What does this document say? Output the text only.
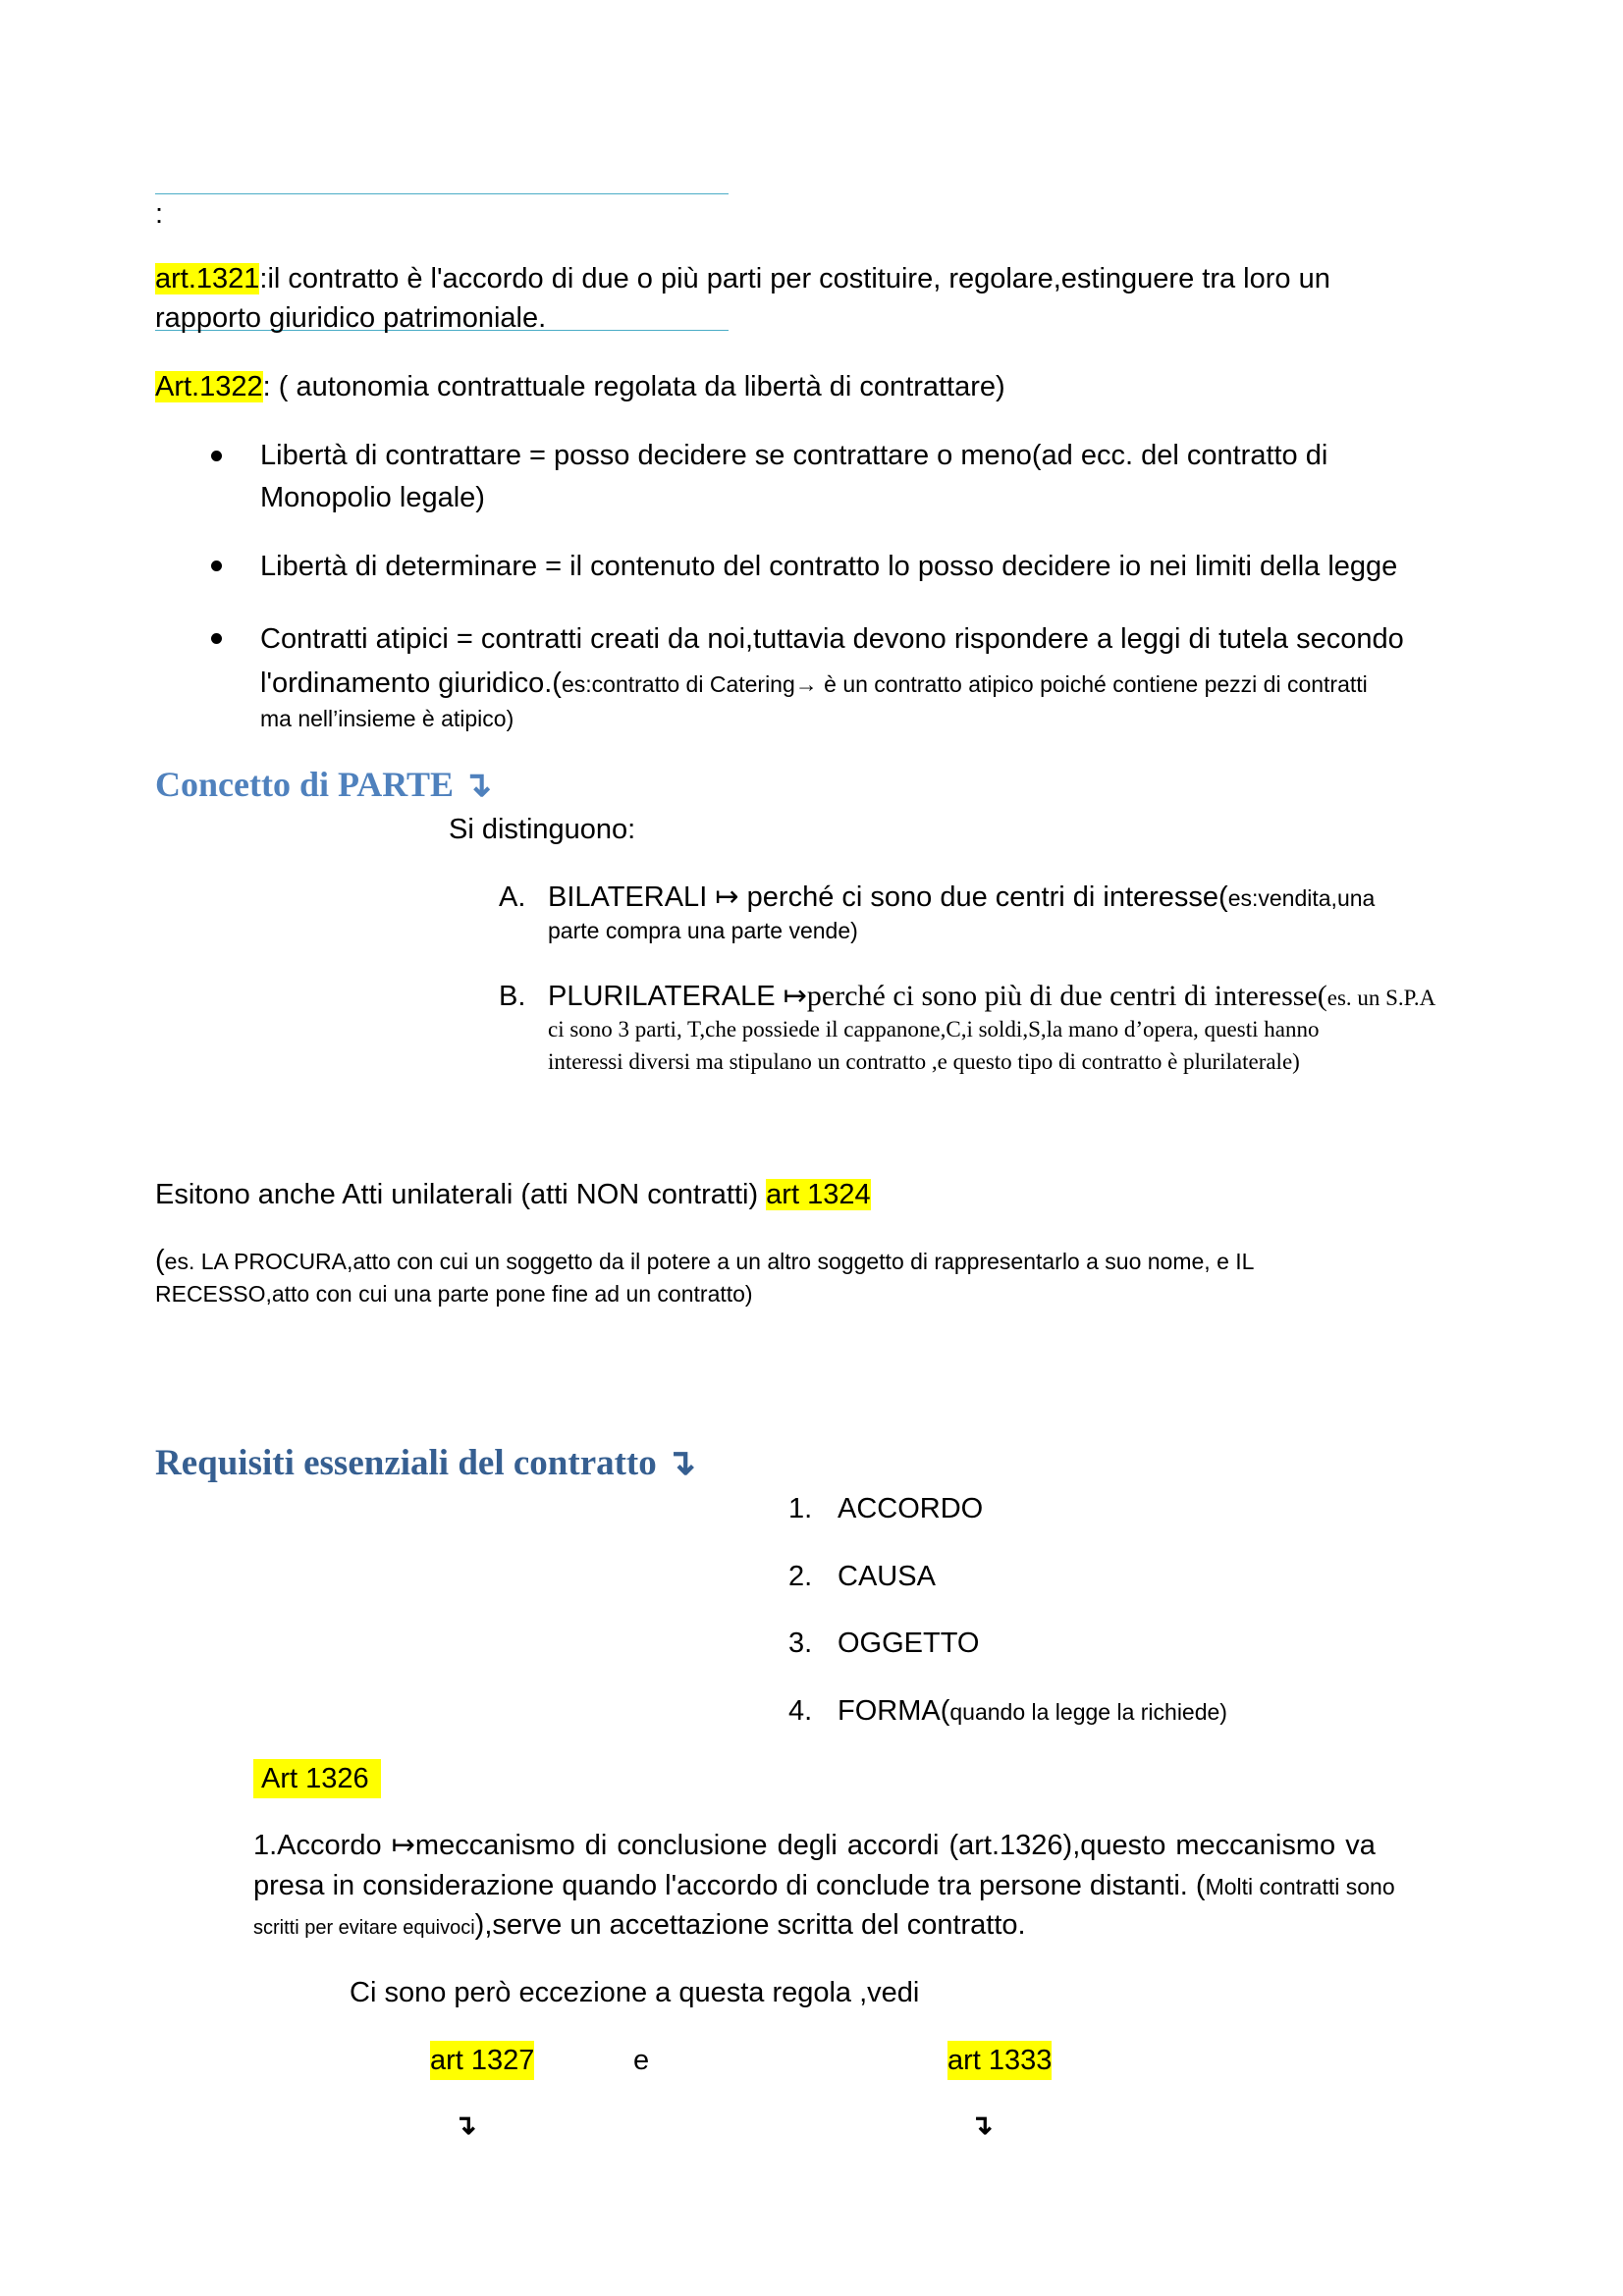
:
art.1321:il contratto è l'accordo di due o più parti per costituire, regolare,estinguere tra loro un
rapporto giuridico patrimoniale.
Art.1322: ( autonomia contrattuale regolata da libertà di contrattare)
Libertà di contrattare = posso decidere se contrattare o meno(ad ecc. del contratto di
Monopolio legale)
Libertà di determinare = il contenuto del contratto lo posso decidere io nei limiti della legge
Contratti atipici = contratti creati da noi,tuttavia devono rispondere a leggi di tutela secondo
l'ordinamento giuridico.(es:contratto di Catering→ è un contratto atipico poiché contiene pezzi di contratti
ma nell’insieme è atipico)
Concetto di PARTE ↴
Si distinguono:
A. BILATERALI ↦ perché ci sono due centri di interesse(es:vendita,una
parte compra una parte vende)
B. PLURILATERALE ↦perché ci sono più di due centri di interesse(es. un S.P.A
ci sono 3 parti, T,che possiede il cappanone,C,i soldi,S,la mano d’opera, questi hanno
interessi diversi ma stipulano un contratto ,e questo tipo di contratto è plurilaterale)
Esitono anche Atti unilaterali (atti NON contratti) art 1324
(es. LA PROCURA,atto con cui un soggetto da il potere a un altro soggetto di rappresentarlo a suo nome, e IL
RECESSO,atto con cui una parte pone fine ad un contratto)
Requisiti essenziali del contratto ↴
1. ACCORDO
2. CAUSA
3. OGGETTO
4. FORMA(quando la legge la richiede)
Art 1326
1.Accordo ↦meccanismo di conclusione degli accordi (art.1326),questo meccanismo va
presa in considerazione quando l'accordo di conclude tra persone distanti. (Molti contratti sono
scritti per evitare equivoci),serve un accettazione scritta del contratto.
Ci sono però eccezione a questa regola ,vedi
art 1327	e	art 1333
↴	↴
